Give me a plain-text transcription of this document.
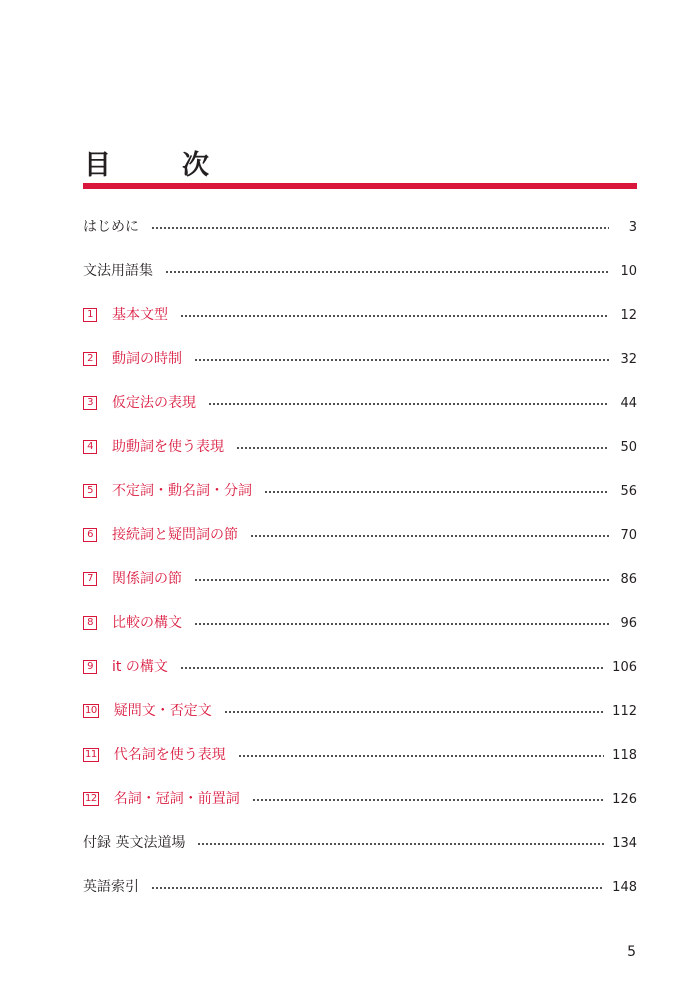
目　次
はじめに	3
文法用語集	10
1 基本文型	12
2 動詞の時制	32
3 仮定法の表現	44
4 助動詞を使う表現	50
5 不定詞・動名詞・分詞	56
6 接続詞と疑問詞の節	70
7 関係詞の節	86
8 比較の構文	96
9 it の構文	106
10 疑問文・否定文	112
11 代名詞を使う表現	118
12 名詞・冠詞・前置詞	126
付録 英文法道場	134
英語索引	148
5
